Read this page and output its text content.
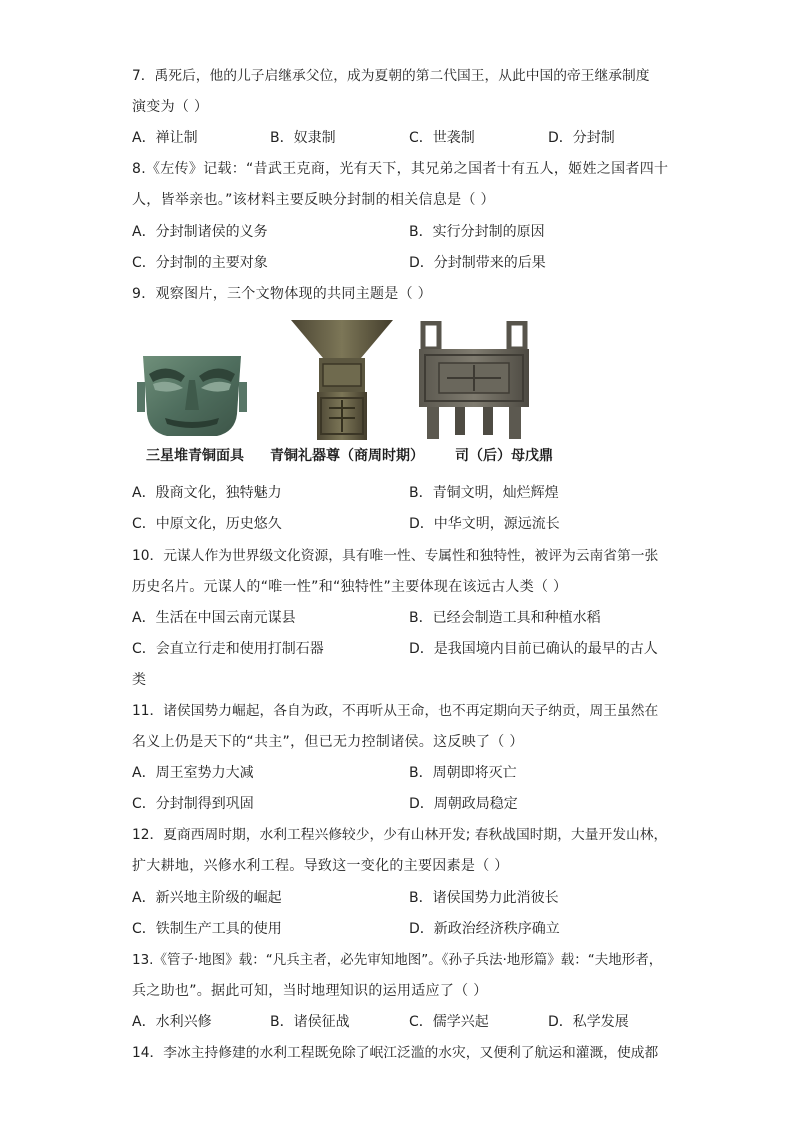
7．禹死后，他的儿子启继承父位，成为夏朝的第二代国王，从此中国的帝王继承制度
演变为（ ）
A．禅让制	B．奴隶制	C．世袭制	D．分封制
8.《左传》记载：“昔武王克商，光有天下，其兄弟之国者十有五人，姬姓之国者四十
人，皆举亲也。”该材料主要反映分封制的相关信息是（ ）
A．分封制诸侯的义务	B．实行分封制的原因
C．分封制的主要对象	D．分封制带来的后果
9．观察图片，三个文物体现的共同主题是（ ）
三星堆青铜面具 青铜礼器尊（商周时期） 司（后）母戊鼎
A．殷商文化，独特魅力	B．青铜文明，灿烂辉煌
C．中原文化，历史悠久	D．中华文明，源远流长
10．元谋人作为世界级文化资源，具有唯一性、专属性和独特性，被评为云南省第一张
历史名片。元谋人的“唯一性”和“独特性”主要体现在该远古人类（ ）
A．生活在中国云南元谋县	B．已经会制造工具和种植水稻
C．会直立行走和使用打制石器	D．是我国境内目前已确认的最早的古人
类
11．诸侯国势力崛起，各自为政，不再听从王命，也不再定期向天子纳贡，周王虽然在
名义上仍是天下的“共主”，但已无力控制诸侯。这反映了（ ）
A．周王室势力大减	B．周朝即将灭亡
C．分封制得到巩固	D．周朝政局稳定
12．夏商西周时期，水利工程兴修较少，少有山林开发; 春秋战国时期，大量开发山林，
扩大耕地，兴修水利工程。导致这一变化的主要因素是（ ）
A．新兴地主阶级的崛起	B．诸侯国势力此消彼长
C．铁制生产工具的使用	D．新政治经济秩序确立
13.《管子·地图》载：“凡兵主者，必先审知地图”。《孙子兵法·地形篇》载：“夫地形者，
兵之助也”。据此可知，当时地理知识的运用适应了（ ）
A．水利兴修	B．诸侯征战	C．儒学兴起	D．私学发展
14．李冰主持修建的水利工程既免除了岷江泛滥的水灾，又便利了航运和灌溉，使成都
